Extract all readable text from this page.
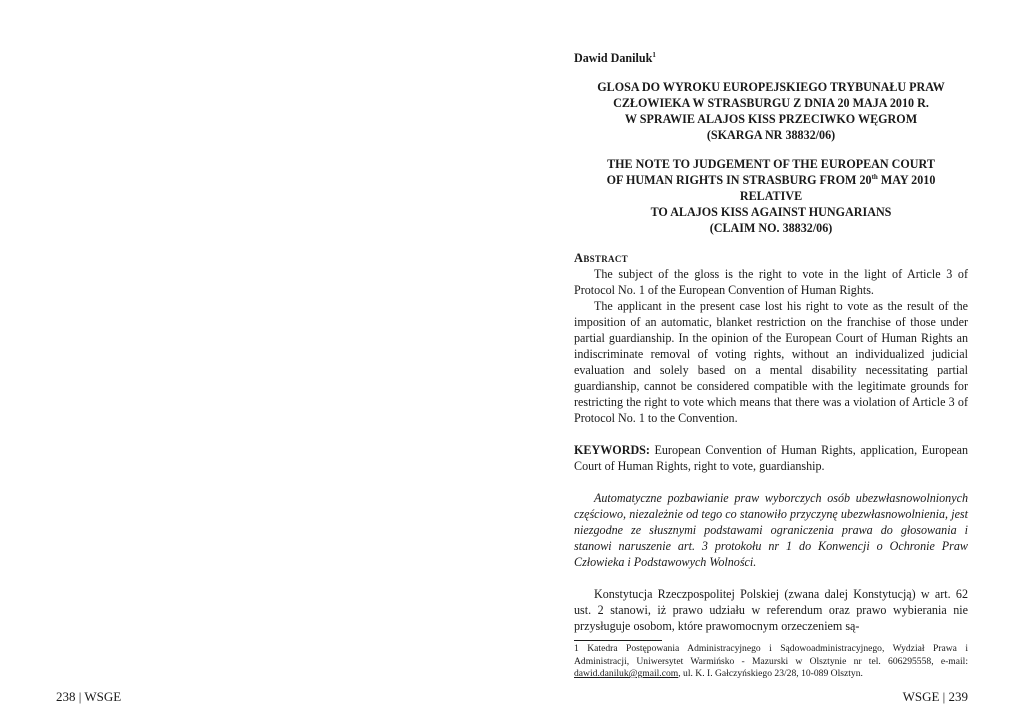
238 | WSGE
Dawid Daniluk$^1$
GLOSA DO WYROKU EUROPEJSKIEGO TRYBUNAŁU PRAW
CZŁOWIEKA W STRASBURGU Z DNIA 20 MAJA 2010 R.
W SPRAWIE ALAJOS KISS PRZECIWKO WĘGROM
(SKARGA NR 38832/06)
THE NOTE TO JUDGEMENT OF THE EUROPEAN COURT
OF HUMAN RIGHTS IN STRASBURG FROM 20th MAY 2010 RELATIVE
TO ALAJOS KISS AGAINST HUNGARIANS
(CLAIM NO. 38832/06)
Abstract

The subject of the gloss is the right to vote in the light of Article 3 of Protocol No. 1 of the European Convention of Human Rights.

The applicant in the present case lost his right to vote as the result of the imposition of an automatic, blanket restriction on the franchise of those under partial guardianship. In the opinion of the European Court of Human Rights an indiscriminate removal of voting rights, without an individualized judicial evaluation and solely based on a mental disability necessitating partial guardianship, cannot be considered compatible with the legitimate grounds for restricting the right to vote which means that there was a violation of Article 3 of Protocol No. 1 to the Convention.

KEYWORDS: European Convention of Human Rights, application, European Court of Human Rights, right to vote, guardianship.

Automatyczne pozbawianie praw wyborczych osób ubezwłasnowolnionych częściowo, niezależnie od tego co stanowiło przyczynę ubezwłasnowolnienia, jest niezgodne ze słusznymi podstawami ograniczenia prawa do głosowania i stanowi naruszenie art. 3 protokołu nr 1 do Konwencji o Ochronie Praw Człowieka i Podstawowych Wolności.

Konstytucja Rzeczpospolitej Polskiej (zwana dalej Konstytucją) w art. 62 ust. 2 stanowi, iż prawo udziału w referendum oraz prawo wybierania nie przysługuje osobom, które prawomocnym orzeczeniem są-

1 Katedra Postępowania Administracyjnego i Sądowoadministracyjnego, Wydział Prawa i Administracji, Uniwersytet Warmińsko - Mazurski w Olsztynie nr tel. 606295558, e-mail: dawid.daniluk@gmail.com, ul. K. I. Gałczyńskiego 23/28, 10-089 Olsztyn.
WSGE | 239
